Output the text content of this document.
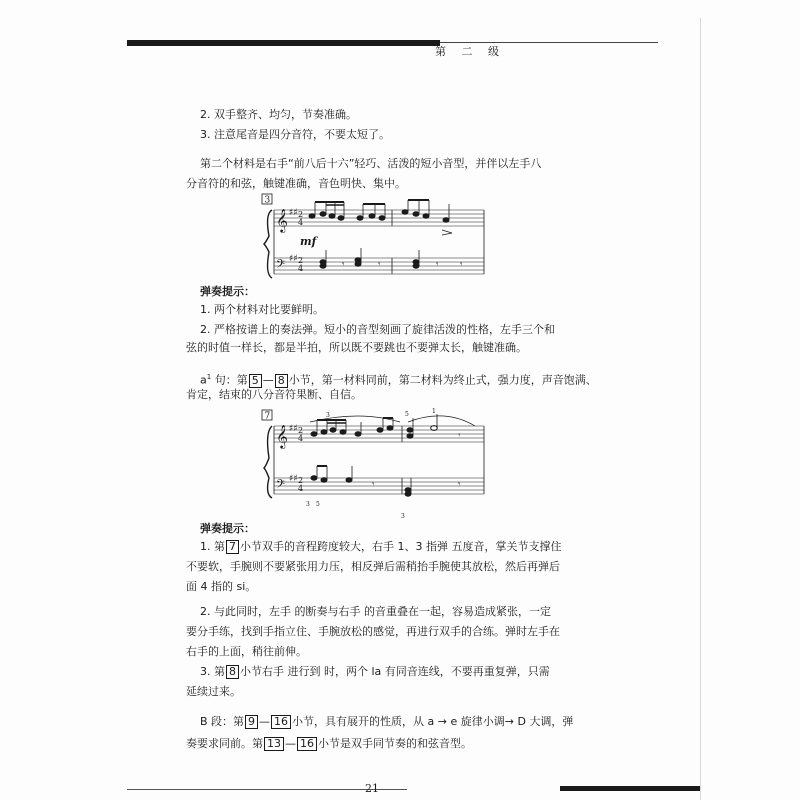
第 二 级
2. 双手整齐、均匀，节奏准确。
3. 注意尾音是四分音符，不要太短了。
第二个材料是右手“前八后十六”轻巧、活泼的短小音型，并伴以左手八
分音符的和弦，触键准确，音色明快、集中。
3
𝄞
𝄢
♯♯
♯♯
2
4
2
4
mf
𝄾	𝄾	𝄾 𝄾
弹奏提示：
1. 两个材料对比要鲜明。
2. 严格按谱上的奏法弹。短小的音型刻画了旋律活泼的性格，左手三个和
弦的时值一样长，都是半拍，所以既不要跳也不要弹太长，触键准确。
$a^1$ 句：第 5 — 8 小节，第一材料同前，第二材料为终止式，强力度，声音饱满、
肯定，结束的八分音符果断、自信。
7
𝄞
𝄢
♯♯
♯♯
2
4
2
4
3	5	1
𝄾
3 5
3
𝄾	𝄾
弹奏提示：
1. 第 7 小节双手的音程跨度较大，右手 1、3 指弹 五度音，掌关节支撑住
不要软，手腕则不要紧张用力压，相反弹后需稍抬手腕使其放松，然后再弹后
面 4 指的 si。
2. 与此同时，左手 的断奏与右手 的音重叠在一起，容易造成紧张，一定
要分手练，找到手指立住、手腕放松的感觉，再进行双手的合练。弹时左手在
右手的上面，稍往前伸。
3. 第 8 小节右手 进行到 时，两个 la 有同音连线，不要再重复弹，只需
延续过来。
B 段：第 9 — 16 小节，具有展开的性质，从 a → e 旋律小调→ D 大调，弹
奏要求同前。第 13 — 16 小节是双手同节奏的和弦音型。
21
